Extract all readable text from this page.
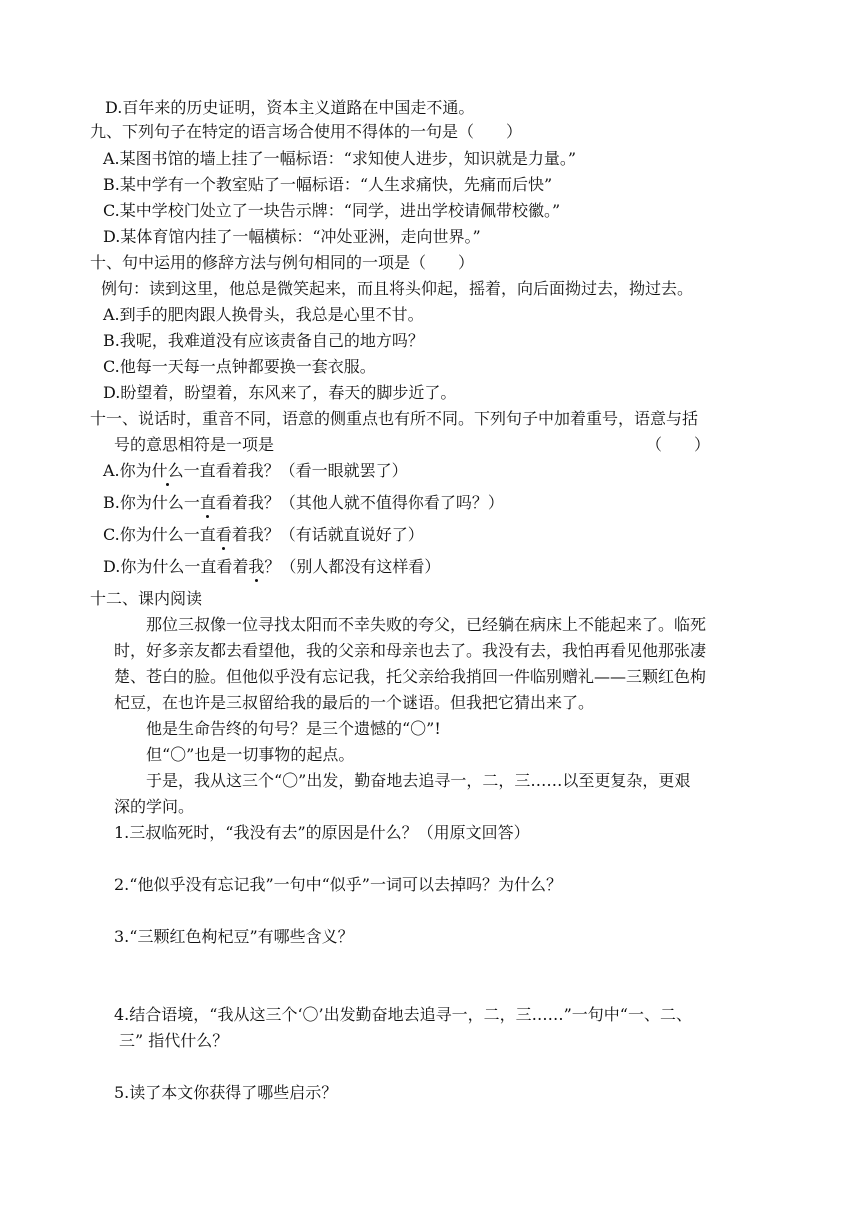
D.百年来的历史证明，资本主义道路在中国走不通。
九、下列句子在特定的语言场合使用不得体的一句是（　　）
A.某图书馆的墙上挂了一幅标语：“求知使人进步，知识就是力量。”
B.某中学有一个教室贴了一幅标语：“人生求痛快，先痛而后快”
C.某中学校门处立了一块告示牌：“同学，进出学校请佩带校徽。”
D.某体育馆内挂了一幅横标：“冲处亚洲，走向世界。”
十、句中运用的修辞方法与例句相同的一项是（　　）
例句：读到这里，他总是微笑起来，而且将头仰起，摇着，向后面拗过去，拗过去。
A.到手的肥肉跟人换骨头，我总是心里不甘。
B.我呢，我难道没有应该责备自己的地方吗？
C.他每一天每一点钟都要换一套衣服。
D.盼望着，盼望着，东风来了，春天的脚步近了。
十一、说话时，重音不同，语意的侧重点也有所不同。下列句子中加着重号，语意与括
号的意思相符是一项是	（　　）
A.你为什么一直看着我？（看一眼就罢了）
B.你为什么一直看着我？（其他人就不值得你看了吗？）
C.你为什么一直看着我？（有话就直说好了）
D.你为什么一直看着我？（别人都没有这样看）
十二、课内阅读
那位三叔像一位寻找太阳而不幸失败的夸父，已经躺在病床上不能起来了。临死
时，好多亲友都去看望他，我的父亲和母亲也去了。我没有去，我怕再看见他那张凄
楚、苍白的脸。但他似乎没有忘记我，托父亲给我捎回一件临别赠礼——三颗红色枸
杞豆，在也许是三叔留给我的最后的一个谜语。但我把它猜出来了。
他是生命告终的句号？是三个遗憾的“〇”!
但“〇”也是一切事物的起点。
于是，我从这三个“〇”出发，勤奋地去追寻一，二，三……以至更复杂，更艰
深的学问。
1.三叔临死时，“我没有去”的原因是什么？（用原文回答）
2.“他似乎没有忘记我”一句中“似乎”一词可以去掉吗？为什么？
3.“三颗红色枸杞豆”有哪些含义？
4.结合语境，“我从这三个‘〇’出发勤奋地去追寻一，二，三……”一句中“一、二、
三” 指代什么？
5.读了本文你获得了哪些启示？
